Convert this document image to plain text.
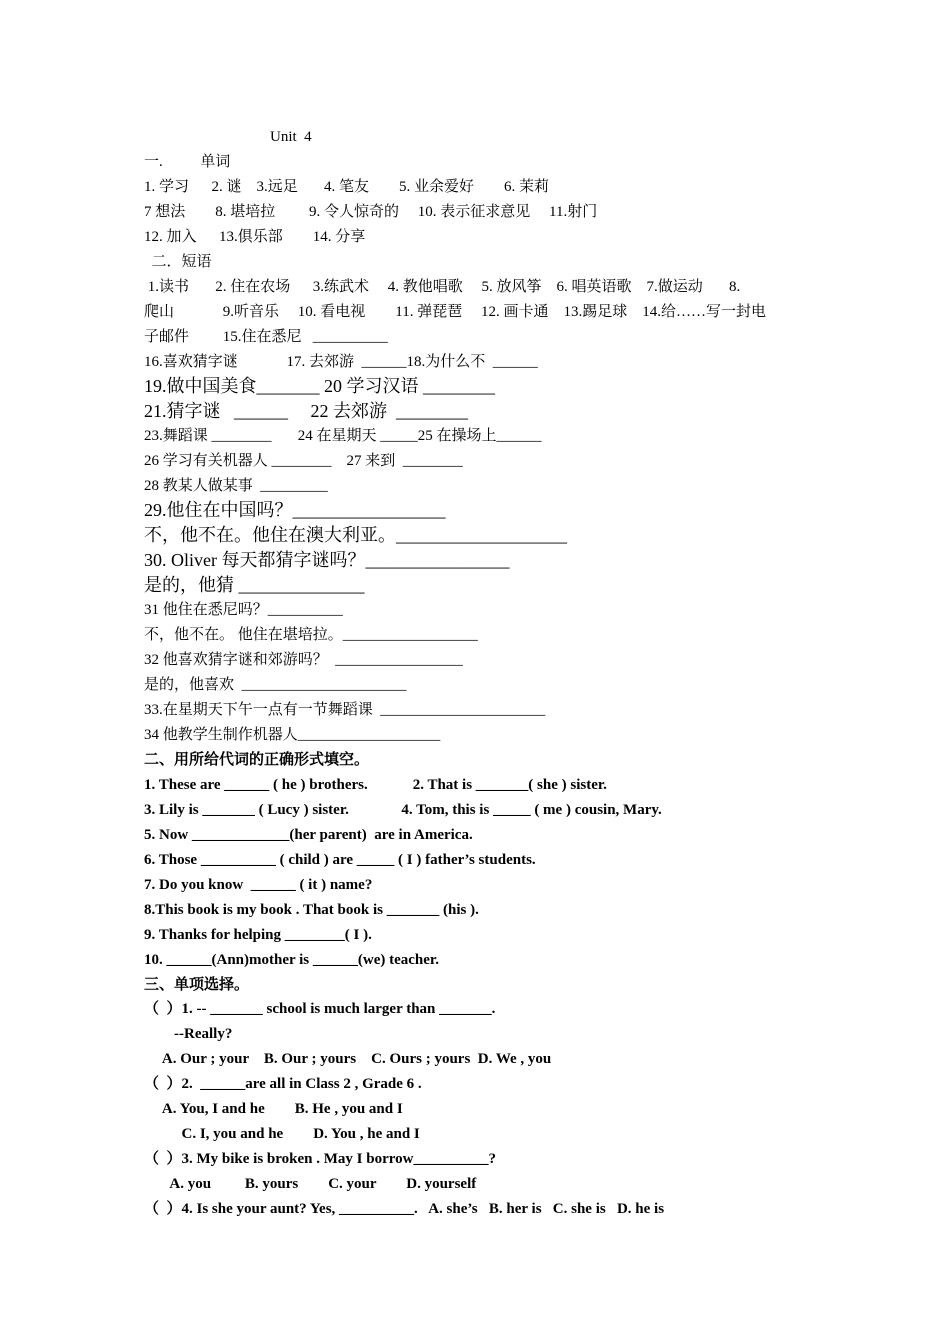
Unit  4
一.          单词
1. 学习      2. 谜    3.远足       4. 笔友        5. 业余爱好        6. 茉莉
7 想法        8. 堪培拉         9. 令人惊奇的     10. 表示征求意见     11.射门
12. 加入      13.俱乐部        14. 分享
二．短语
1.读书       2. 住在农场      3.练武术     4. 教他唱歌     5. 放风筝    6. 唱英语歌    7.做运动       8.
爬山             9.听音乐     10. 看电视        11. 弹琵琶     12. 画卡通    13.踢足球    14.给……写一封电
子邮件         15.住在悉尼   __________
16.喜欢猜字谜             17. 去郊游  ______18.为什么不  ______
19.做中国美食_______ 20 学习汉语 ________
21.猜字谜   ______     22 去郊游  ________
23.舞蹈课 ________       24 在星期天 _____25 在操场上______
26 学习有关机器人 ________    27 来到  ________
28 教某人做某事  _________
29.他住在中国吗？_________________
不，他不在。他住在澳大利亚。___________________
30. Oliver 每天都猜字谜吗？________________
是的，他猜 ______________
31 他住在悉尼吗？__________
不，他不在。 他住在堪培拉。__________________
32 他喜欢猜字谜和郊游吗？  _________________
是的，他喜欢  ______________________
33.在星期天下午一点有一节舞蹈课  ______________________
34 他教学生制作机器人___________________
二、用所给代词的正确形式填空。
1. These are ______ ( he ) brothers.            2. That is _______( she ) sister.
3. Lily is _______ ( Lucy ) sister.              4. Tom, this is _____ ( me ) cousin, Mary.
5. Now _____________(her parent)  are in America.
6. Those __________ ( child ) are _____ ( I ) father’s students.
7. Do you know  ______ ( it ) name?
8.This book is my book . That book is _______ (his ).
9. Thanks for helping ________( I ).
10. ______(Ann)mother is ______(we) teacher.
三、单项选择。
（  ）1. -- _______ school is much larger than _______.
--Really?
A. Our ; your    B. Our ; yours    C. Ours ; yours  D. We , you
（  ）2.  ______are all in Class 2 , Grade 6 .
A. You, I and he        B. He , you and I
C. I, you and he        D. You , he and I
（  ）3. My bike is broken . May I borrow__________?
A. you         B. yours        C. your        D. yourself
（  ）4. Is she your aunt? Yes, __________.   A. she’s   B. her is   C. she is   D. he is
